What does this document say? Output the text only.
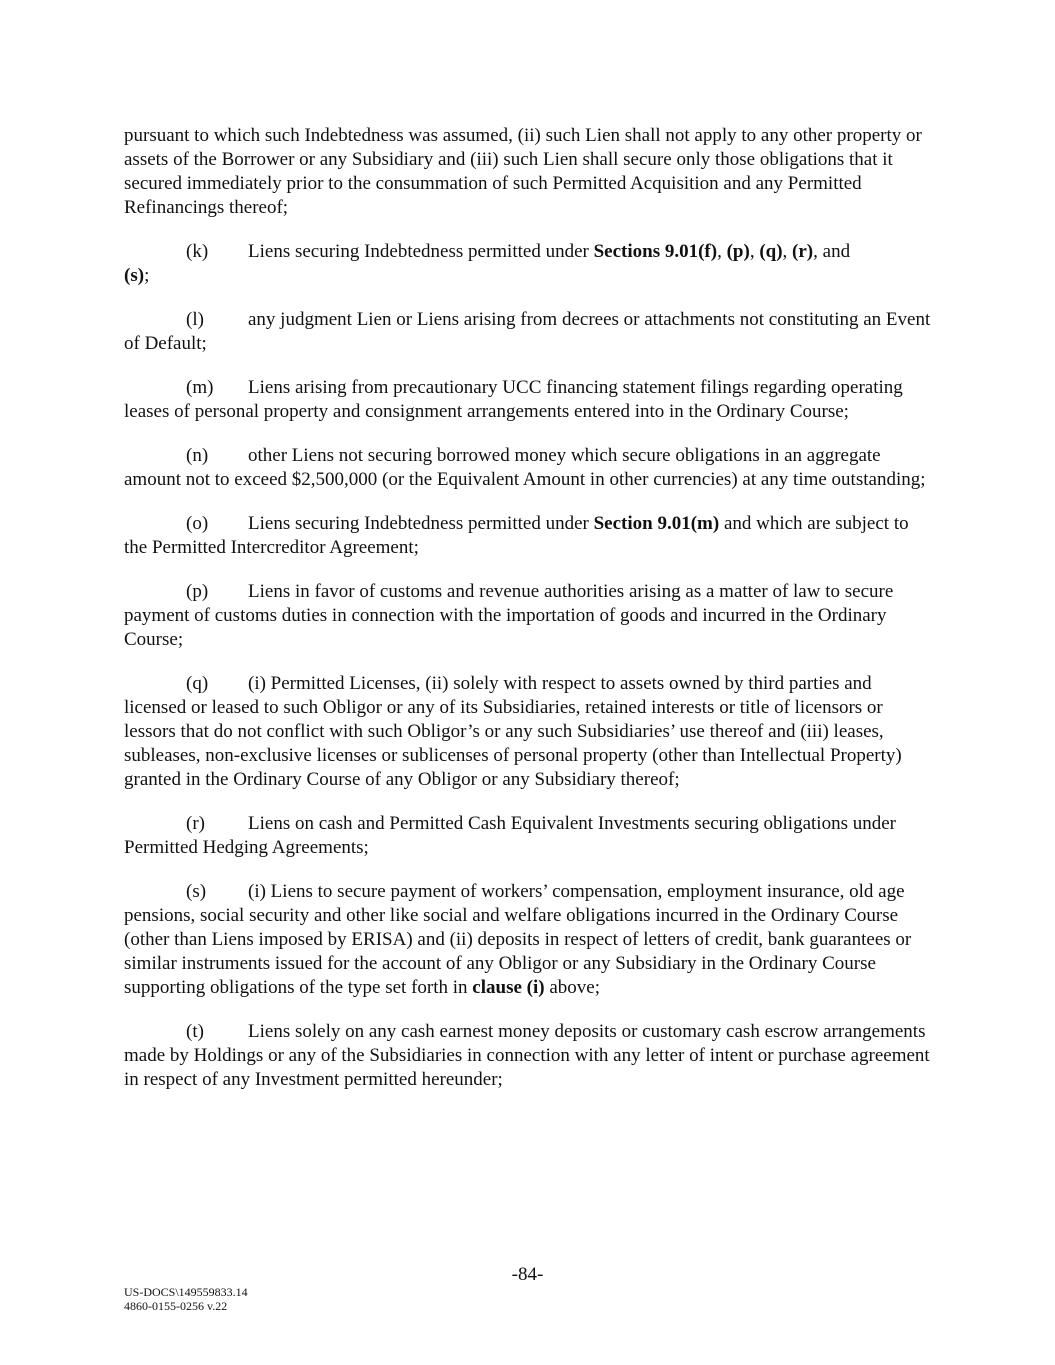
pursuant to which such Indebtedness was assumed, (ii) such Lien shall not apply to any other property or assets of the Borrower or any Subsidiary and (iii) such Lien shall secure only those obligations that it secured immediately prior to the consummation of such Permitted Acquisition and any Permitted Refinancings thereof;

(k) Liens securing Indebtedness permitted under Sections 9.01(f), (p), (q), (r), and
(s);

(l) any judgment Lien or Liens arising from decrees or attachments not constituting an Event of Default;

(m) Liens arising from precautionary UCC financing statement filings regarding operating leases of personal property and consignment arrangements entered into in the Ordinary Course;

(n) other Liens not securing borrowed money which secure obligations in an aggregate amount not to exceed $2,500,000 (or the Equivalent Amount in other currencies) at any time outstanding;

(o) Liens securing Indebtedness permitted under Section 9.01(m) and which are subject to the Permitted Intercreditor Agreement;

(p) Liens in favor of customs and revenue authorities arising as a matter of law to secure payment of customs duties in connection with the importation of goods and incurred in the Ordinary Course;

(q) (i) Permitted Licenses, (ii) solely with respect to assets owned by third parties and licensed or leased to such Obligor or any of its Subsidiaries, retained interests or title of licensors or lessors that do not conflict with such Obligor’s or any such Subsidiaries’ use thereof and (iii) leases, subleases, non-exclusive licenses or sublicenses of personal property (other than Intellectual Property) granted in the Ordinary Course of any Obligor or any Subsidiary thereof;

(r) Liens on cash and Permitted Cash Equivalent Investments securing obligations under Permitted Hedging Agreements;

(s) (i) Liens to secure payment of workers’ compensation, employment insurance, old age pensions, social security and other like social and welfare obligations incurred in the Ordinary Course (other than Liens imposed by ERISA) and (ii) deposits in respect of letters of credit, bank guarantees or similar instruments issued for the account of any Obligor or any Subsidiary in the Ordinary Course supporting obligations of the type set forth in clause (i) above;

(t) Liens solely on any cash earnest money deposits or customary cash escrow arrangements made by Holdings or any of the Subsidiaries in connection with any letter of intent or purchase agreement in respect of any Investment permitted hereunder;

-84-
US-DOCS\149559833.14
4860-0155-0256 v.22
